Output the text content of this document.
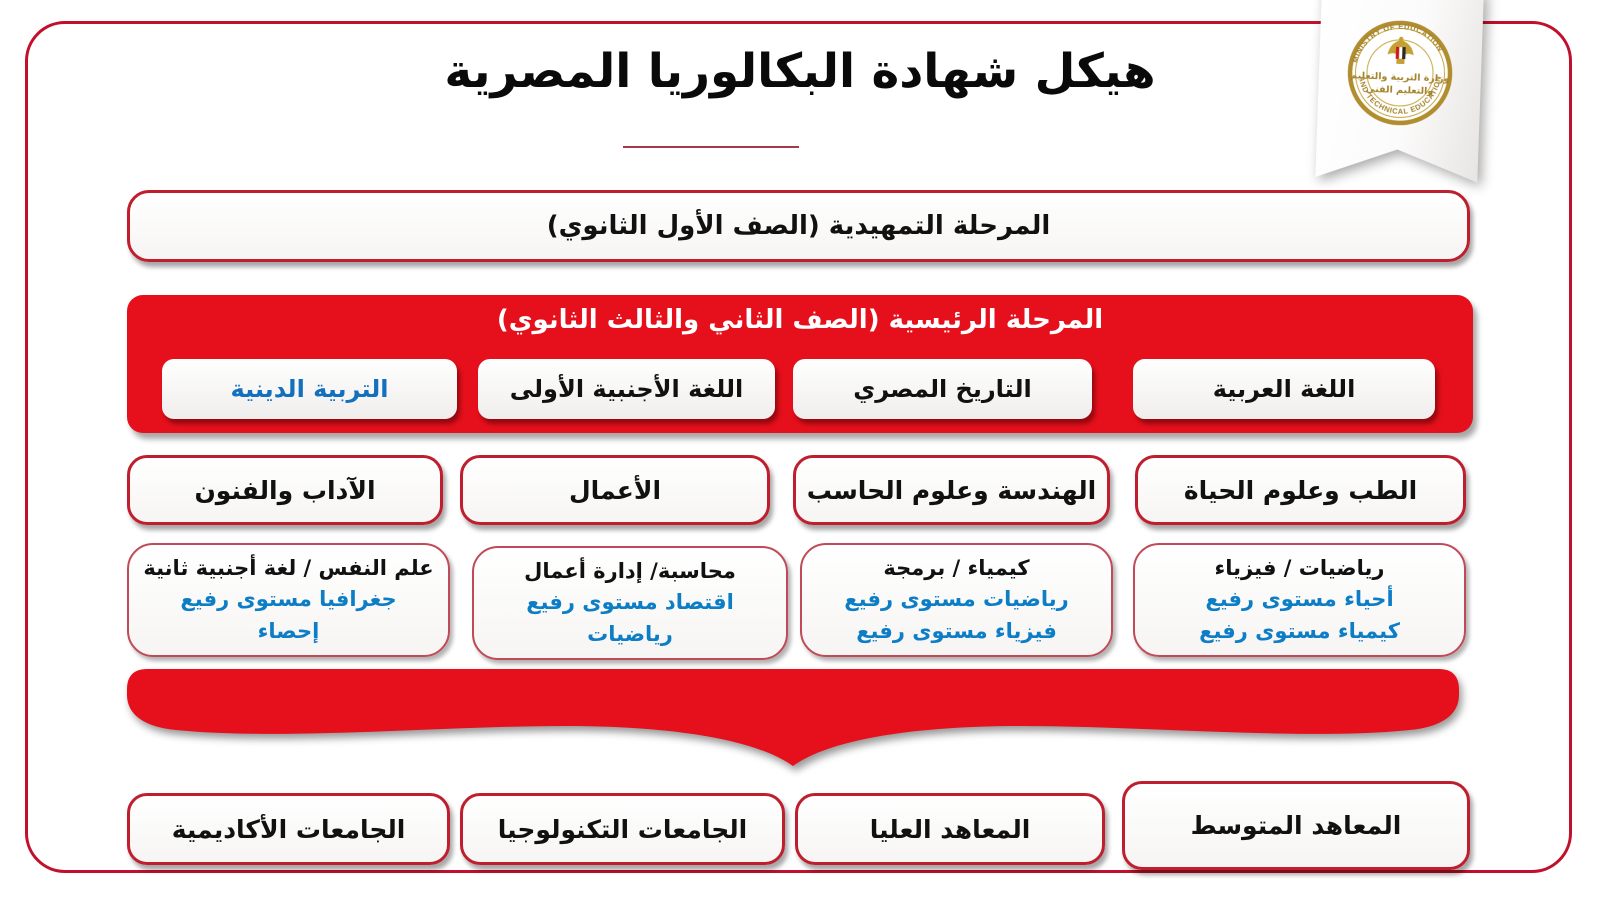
هيكل شهادة البكالوريا المصرية	MINISTRY OF EDUCATION
AND TECHNICAL EDUCATION
وزارة التربية والتعليم
والتعليم الفني
المرحلة التمهيدية (الصف الأول الثانوي)
المرحلة الرئيسية (الصف الثاني والثالث الثانوي)
التربية الدينية	اللغة الأجنبية الأولى	التاريخ المصري	اللغة العربية
الآداب والفنون	الأعمال	الهندسة وعلوم الحاسب	الطب وعلوم الحياة
علم النفس / لغة أجنبية ثانية
جغرافيا مستوى رفيع
إحصاء
محاسبة/ إدارة أعمال
اقتصاد مستوى رفيع
رياضيات
كيمياء / برمجة
رياضيات مستوى رفيع
فيزياء مستوى رفيع
رياضيات / فيزياء
أحياء مستوى رفيع
كيمياء مستوى رفيع
الجامعات الأكاديمية	الجامعات التكنولوجيا	المعاهد العليا	المعاهد المتوسط
